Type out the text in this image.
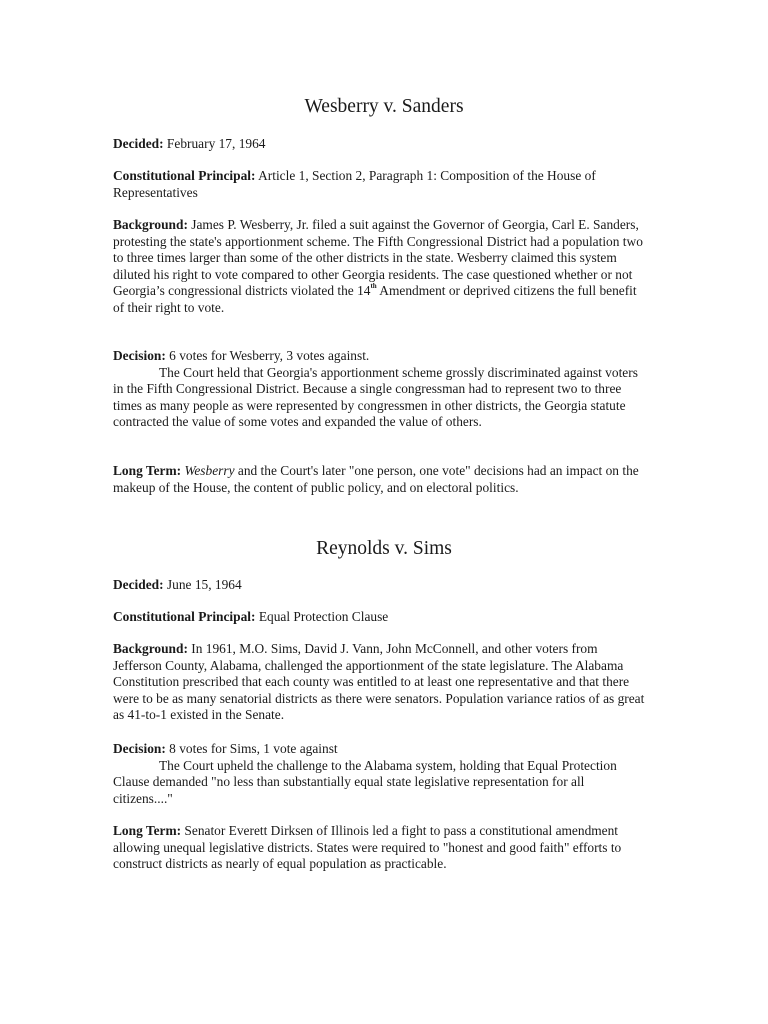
Wesberry v. Sanders
Decided: February 17, 1964
Constitutional Principal: Article 1, Section 2, Paragraph 1: Composition of the House of Representatives
Background: James P. Wesberry, Jr. filed a suit against the Governor of Georgia, Carl E. Sanders, protesting the state's apportionment scheme. The Fifth Congressional District had a population two to three times larger than some of the other districts in the state. Wesberry claimed this system diluted his right to vote compared to other Georgia residents. The case questioned whether or not Georgia’s congressional districts violated the 14th Amendment or deprived citizens the full benefit of their right to vote.

Decision: 6 votes for Wesberry, 3 votes against.

The Court held that Georgia's apportionment scheme grossly discriminated against voters in the Fifth Congressional District. Because a single congressman had to represent two to three times as many people as were represented by congressmen in other districts, the Georgia statute contracted the value of some votes and expanded the value of others.

Long Term: Wesberry and the Court's later "one person, one vote" decisions had an impact on the makeup of the House, the content of public policy, and on electoral politics.
Reynolds v. Sims
Decided: June 15, 1964
Constitutional Principal: Equal Protection Clause
Background: In 1961, M.O. Sims, David J. Vann, John McConnell, and other voters from Jefferson County, Alabama, challenged the apportionment of the state legislature. The Alabama Constitution prescribed that each county was entitled to at least one representative and that there were to be as many senatorial districts as there were senators. Population variance ratios of as great as 41-to-1 existed in the Senate.

Decision: 8 votes for Sims, 1 vote against

The Court upheld the challenge to the Alabama system, holding that Equal Protection Clause demanded "no less than substantially equal state legislative representation for all citizens...."

Long Term: Senator Everett Dirksen of Illinois led a fight to pass a constitutional amendment allowing unequal legislative districts. States were required to "honest and good faith" efforts to construct districts as nearly of equal population as practicable.
